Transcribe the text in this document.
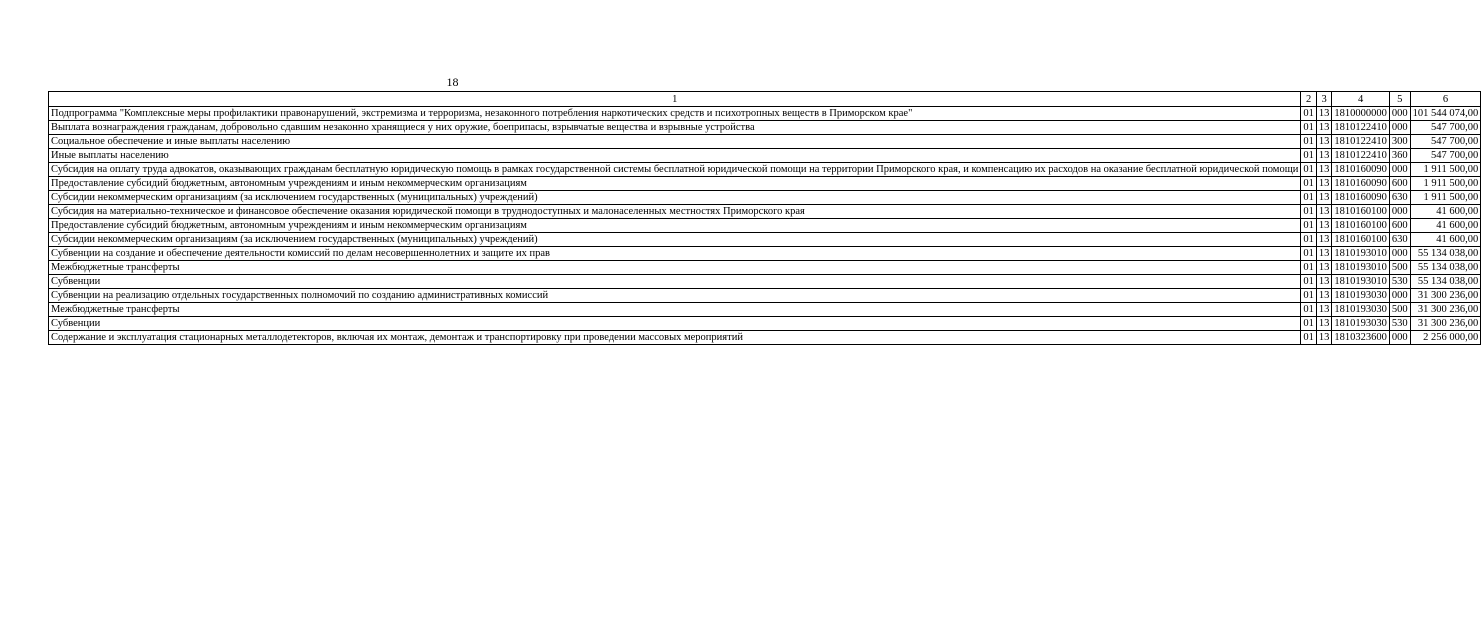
18
1	2	3	4	5	6
Подпрограмма "Комплексные меры профилактики правонарушений, экстремизма и терроризма, незаконного потребления наркотических средств и психотропных веществ в Приморском крае"	01	13	1810000000	000	101 544 074,00
Выплата вознаграждения гражданам, добровольно сдавшим незаконно хранящиеся у них оружие, боеприпасы, взрывчатые вещества и взрывные устройства	01	13	1810122410	000	547 700,00
Социальное обеспечение и иные выплаты населению	01	13	1810122410	300	547 700,00
Иные выплаты населению	01	13	1810122410	360	547 700,00
Субсидия на оплату труда адвокатов, оказывающих гражданам бесплатную юридическую помощь в рамках государственной системы бесплатной юридической помощи на территории Приморского края, и компенсацию их расходов на оказание бесплатной юридической помощи	01	13	1810160090	000	1 911 500,00
Предоставление субсидий бюджетным, автономным учреждениям и иным некоммерческим организациям	01	13	1810160090	600	1 911 500,00
Субсидии некоммерческим организациям (за исключением государственных (муниципальных) учреждений)	01	13	1810160090	630	1 911 500,00
Субсидия на материально-техническое и финансовое обеспечение оказания юридической помощи в труднодоступных и малонаселенных местностях Приморского края	01	13	1810160100	000	41 600,00
Предоставление субсидий бюджетным, автономным учреждениям и иным некоммерческим организациям	01	13	1810160100	600	41 600,00
Субсидии некоммерческим организациям (за исключением государственных (муниципальных) учреждений)	01	13	1810160100	630	41 600,00
Субвенции на создание и обеспечение деятельности комиссий по делам несовершеннолетних и защите их прав	01	13	1810193010	000	55 134 038,00
Межбюджетные трансферты	01	13	1810193010	500	55 134 038,00
Субвенции	01	13	1810193010	530	55 134 038,00
Субвенции на реализацию отдельных государственных полномочий по созданию административных комиссий	01	13	1810193030	000	31 300 236,00
Межбюджетные трансферты	01	13	1810193030	500	31 300 236,00
Субвенции	01	13	1810193030	530	31 300 236,00
Содержание и эксплуатация стационарных металлодетекторов, включая их монтаж, демонтаж и транспортировку при проведении массовых мероприятий	01	13	1810323600	000	2 256 000,00
